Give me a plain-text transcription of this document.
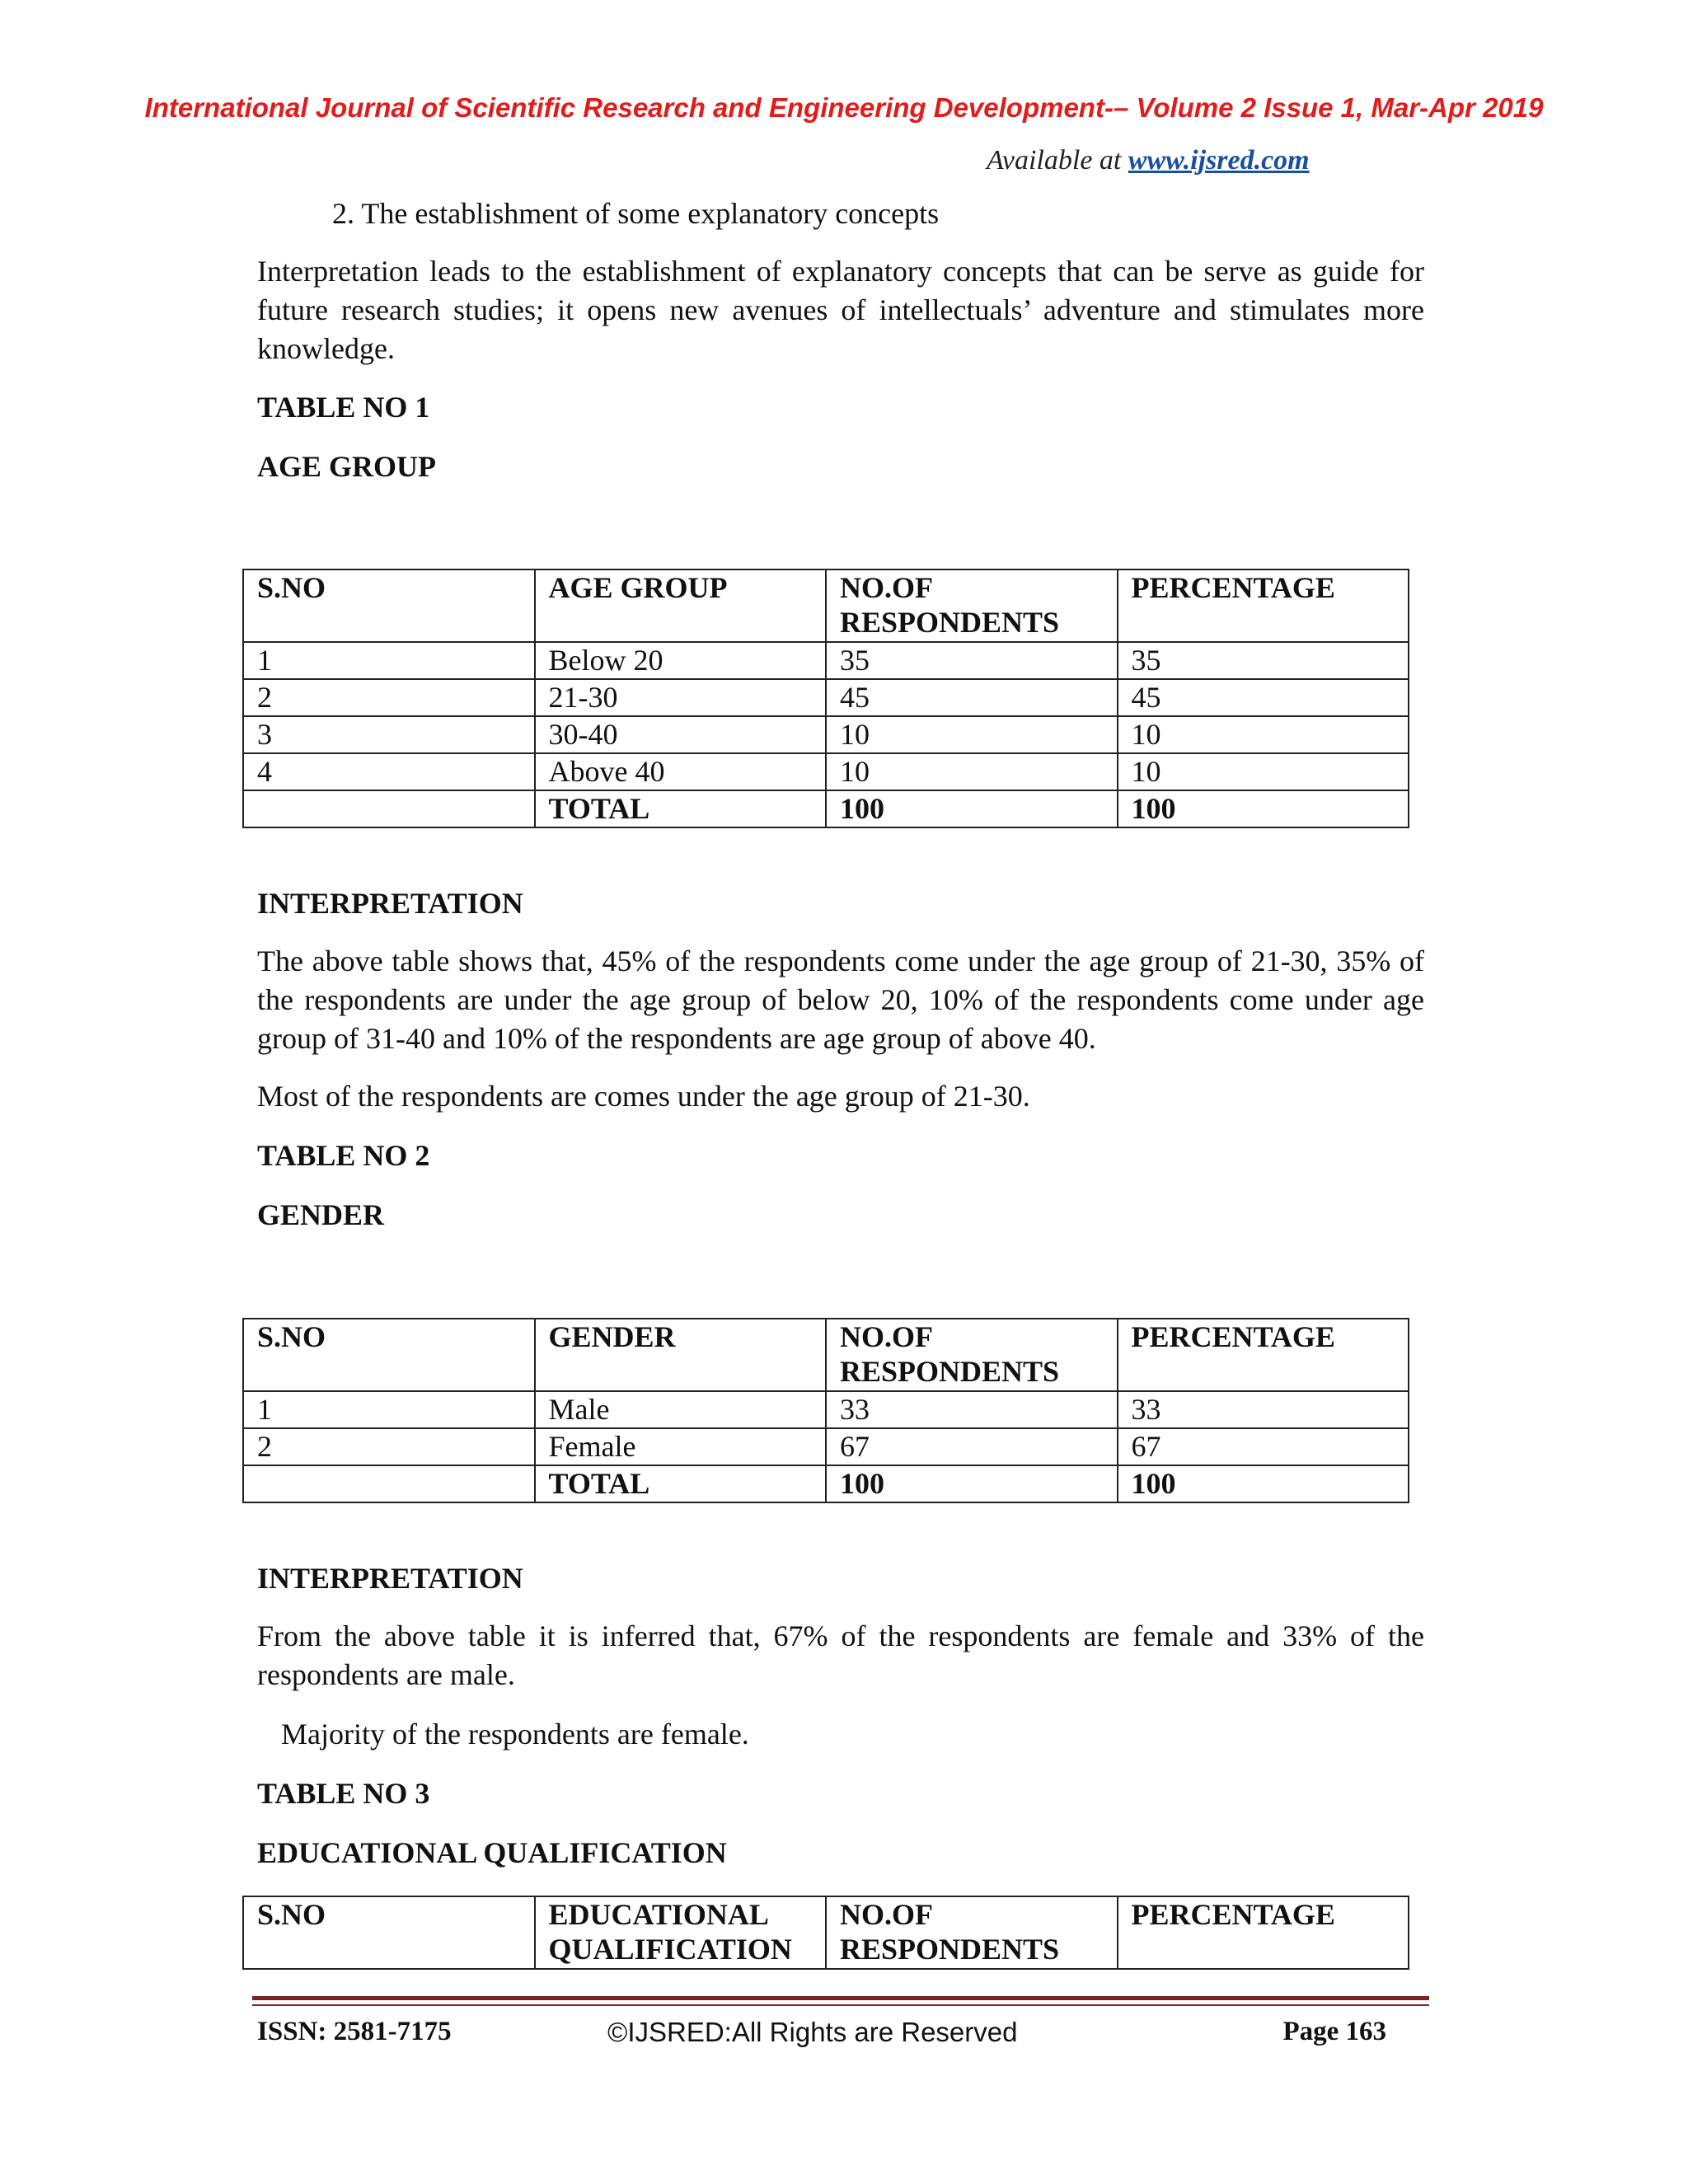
International Journal of Scientific Research and Engineering Development-– Volume 2 Issue 1, Mar-Apr 2019
Available at www.ijsred.com

2. The establishment of some explanatory concepts

Interpretation leads to the establishment of explanatory concepts that can be serve as guide for future research studies; it opens new avenues of intellectuals’ adventure and stimulates more knowledge.

TABLE NO 1

AGE GROUP

S.NO	AGE GROUP	NO.OF RESPONDENTS	PERCENTAGE
1	Below 20	35	35
2	21-30	45	45
3	30-40	10	10
4	Above 40	10	10
	TOTAL	100	100

INTERPRETATION

The above table shows that, 45% of the respondents come under the age group of 21-30, 35% of the respondents are under the age group of below 20, 10% of the respondents come under age group of 31-40 and 10% of the respondents are age group of above 40.

Most of the respondents are comes under the age group of 21-30.

TABLE NO 2

GENDER

S.NO	GENDER	NO.OF RESPONDENTS	PERCENTAGE
1	Male	33	33
2	Female	67	67
	TOTAL	100	100

INTERPRETATION

From the above table it is inferred that, 67% of the respondents are female and 33% of the respondents are male.

Majority of the respondents are female.

TABLE NO 3

EDUCATIONAL QUALIFICATION

S.NO	EDUCATIONAL QUALIFICATION	NO.OF RESPONDENTS	PERCENTAGE
ISSN: 2581-7175	©IJSRED:All Rights are Reserved	Page 163
